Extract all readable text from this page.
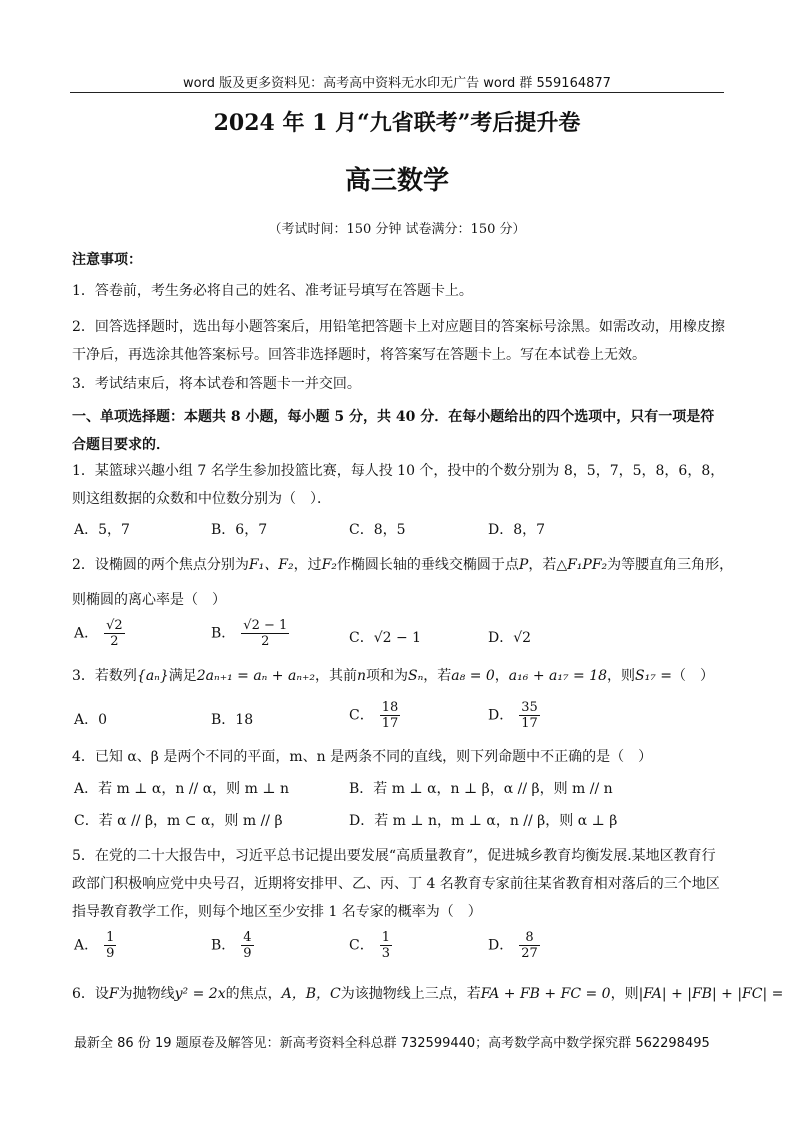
word 版及更多资料见：高考高中资料无水印无广告 word 群 559164877
2024 年 1 月“九省联考”考后提升卷
高三数学
（考试时间：150 分钟 试卷满分：150 分）
注意事项：
1．答卷前，考生务必将自己的姓名、准考证号填写在答题卡上。
2．回答选择题时，选出每小题答案后，用铅笔把答题卡上对应题目的答案标号涂黑。如需改动，用橡皮擦干净后，再选涂其他答案标号。回答非选择题时，将答案写在答题卡上。写在本试卷上无效。
3．考试结束后，将本试卷和答题卡一并交回。
一、单项选择题：本题共 8 小题，每小题 5 分，共 40 分．在每小题给出的四个选项中，只有一项是符合题目要求的．
1．某篮球兴趣小组 7 名学生参加投篮比赛，每人投 10 个，投中的个数分别为 8，5，7，5，8，6，8，则这组数据的众数和中位数分别为（　）．
A．5，7	B．6，7	C．8，5	D．8，7
2．设椭圆的两个焦点分别为F₁、F₂，过F₂作椭圆长轴的垂线交椭圆于点P，若△F₁PF₂为等腰直角三角形，
则椭圆的离心率是（　）
A． $\frac{√2}{2}$	B． $\frac{√2 - 1}{2}$	C．√2 − 1	D．√2
3．若数列{aₙ}满足2aₙ₊₁ = aₙ + aₙ₊₂，其前n项和为Sₙ，若a₈ = 0，a₁₆ + a₁₇ = 18，则S₁₇ =（　）
A．0	B．18	C． $\frac{18}{17}$	D． $\frac{35}{17}$
4．已知 α、β 是两个不同的平面，m、n 是两条不同的直线，则下列命题中不正确的是（　）
A．若 m ⊥ α，n // α，则 m ⊥ n	B．若 m ⊥ α，n ⊥ β，α // β，则 m // n
C．若 α // β，m ⊂ α，则 m // β	D．若 m ⊥ n，m ⊥ α，n // β，则 α ⊥ β
5．在党的二十大报告中，习近平总书记提出要发展“高质量教育”，促进城乡教育均衡发展.某地区教育行政部门积极响应党中央号召，近期将安排甲、乙、丙、丁 4 名教育专家前往某省教育相对落后的三个地区指导教育教学工作，则每个地区至少安排 1 名专家的概率为（　）
A． $\frac{1}{9}$	B． $\frac{4}{9}$	C． $\frac{1}{3}$	D． $\frac{8}{27}$
6．设F为抛物线y² = 2x的焦点，A，B，C为该抛物线上三点，若FA + FB + FC = 0，则|FA| + |FB| + |FC| =
最新全 86 份 19 题原卷及解答见：新高考资料全科总群 732599440；高考数学高中数学探究群 562298495
